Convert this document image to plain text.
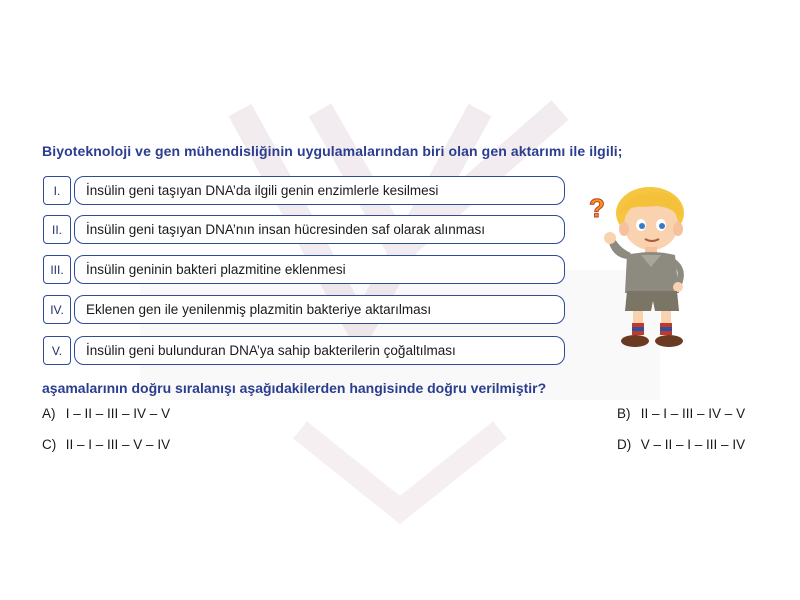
Biyoteknoloji ve gen mühendisliğinin uygulamalarından biri olan gen aktarımı ile ilgili;
I.	İnsülin geni taşıyan DNA’da ilgili genin enzimlerle kesilmesi
II.	İnsülin geni taşıyan DNA’nın insan hücresinden saf olarak alınması
III.	İnsülin geninin bakteri plazmitine eklenmesi
IV.	Eklenen gen ile yenilenmiş plazmitin bakteriye aktarılması
V.	İnsülin geni bulunduran DNA’ya sahip bakterilerin çoğaltılması
aşamalarının doğru sıralanışı aşağıdakilerden hangisinde doğru verilmiştir?
A) I – II – III – IV – V	B) II – I – III – IV – V
C) II – I – III – V – IV	D) V – II – I – III – IV
?
